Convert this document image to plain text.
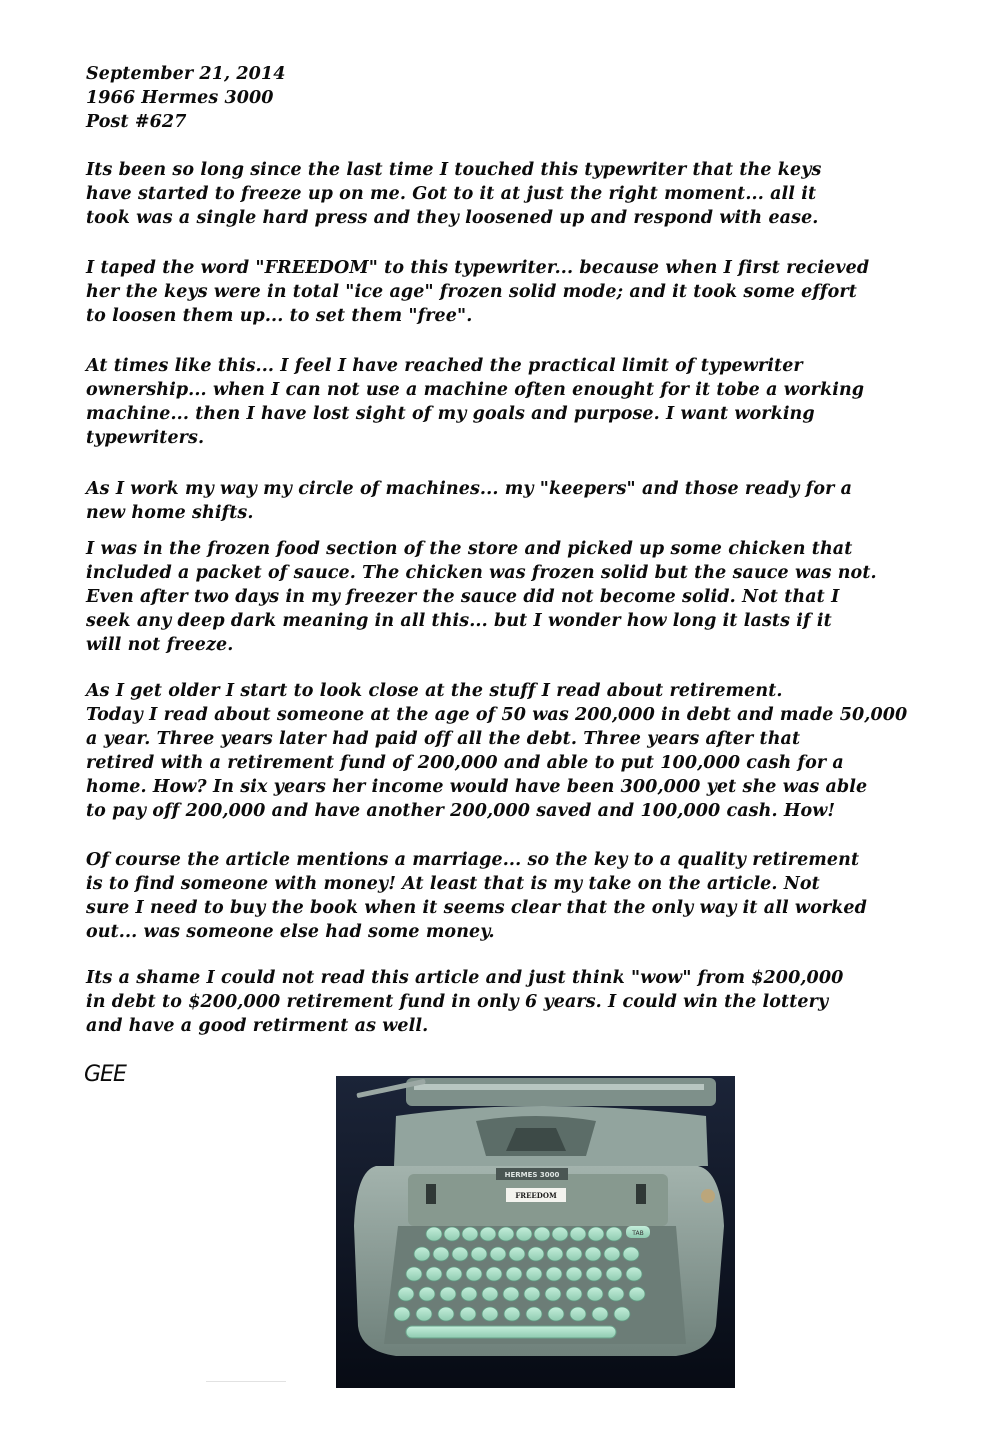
September 21, 2014
1966 Hermes 3000
Post #627
Its been so long since the last time I touched this typewriter that the keys
have started to freeze up on me. Got to it at just the right moment... all it
took was a single hard press and they loosened up and respond with ease.
I taped the word "FREEDOM" to this typewriter... because when I first recieved
her the keys were in total "ice age" frozen solid mode; and it took some effort
to loosen them up... to set them "free".
At times like this... I feel I have reached the practical limit of typewriter
ownership... when I can not use a machine often enought for it tobe a working
machine... then I have lost sight of my goals and purpose. I want working
typewriters.
As I work my way my circle of machines... my "keepers" and those ready for a
new home shifts.
I was in the frozen food section of the store and picked up some chicken that
included a packet of sauce. The chicken was frozen solid but the sauce was not.
Even after two days in my freezer the sauce did not become solid. Not that I
seek any deep dark meaning in all this... but I wonder how long it lasts if it
will not freeze.
As I get older I start to look close at the stuff I read about retirement.
Today I read about someone at the age of 50 was 200,000 in debt and made 50,000
a year. Three years later had paid off all the debt. Three years after that
retired with a retirement fund of 200,000 and able to put 100,000 cash for a
home. How? In six years her income would have been 300,000 yet she was able
to pay off 200,000 and have another 200,000 saved and 100,000 cash. How!
Of course the article mentions a marriage... so the key to a quality retirement
is to find someone with money! At least that is my take on the article. Not
sure I need to buy the book when it seems clear that the only way it all worked
out... was someone else had some money.
Its a shame I could not read this article and just think "wow" from $200,000
in debt to $200,000 retirement fund in only 6 years. I could win the lottery
and have a good retirment as well.
GEE
HERMES 3000
FREEDOM
TAB
